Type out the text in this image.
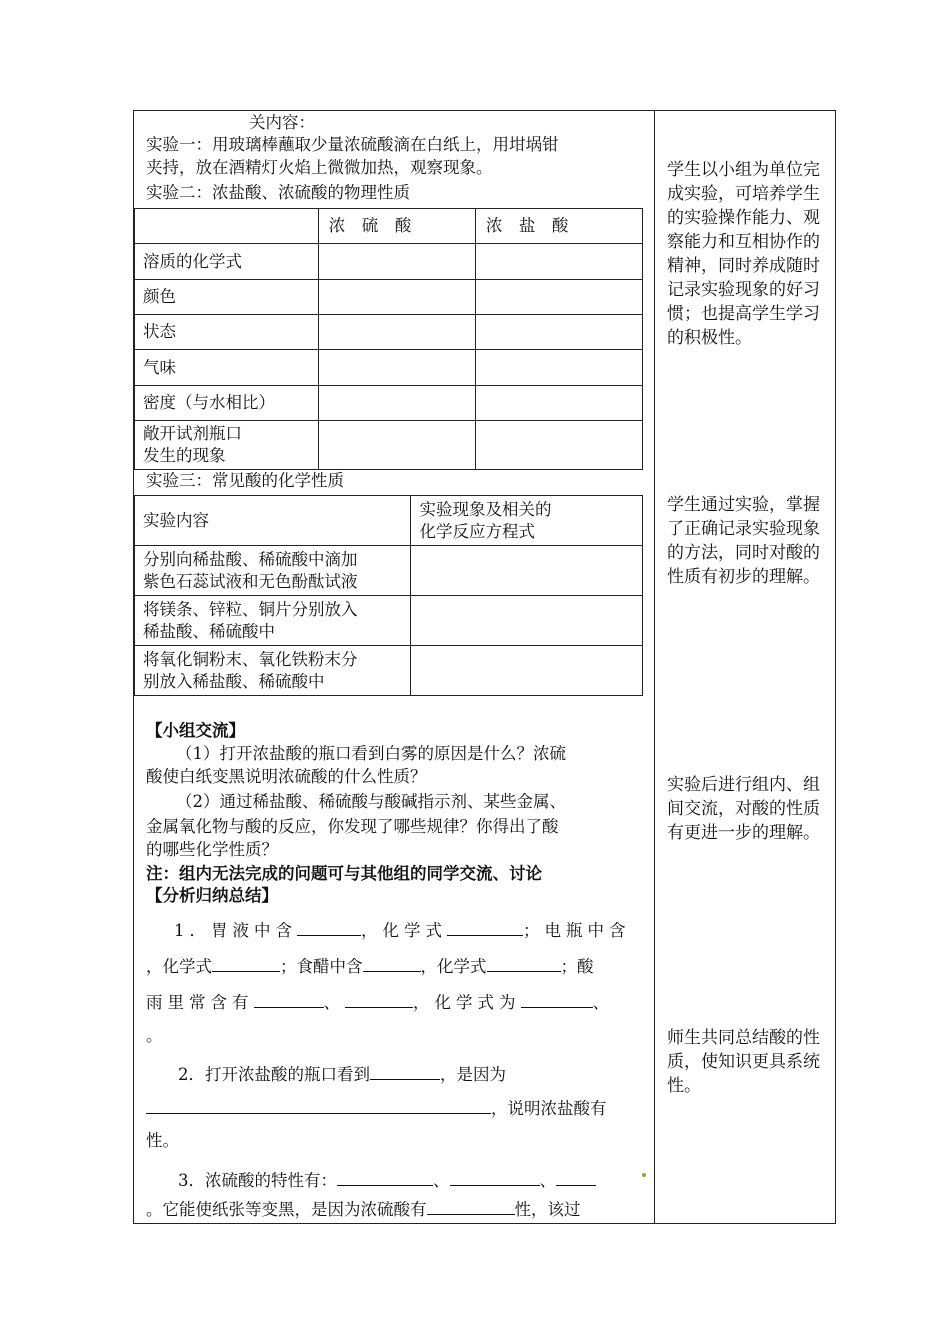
关内容：
实验一：用玻璃棒蘸取少量浓硫酸滴在白纸上，用坩埚钳
夹持，放在酒精灯火焰上微微加热，观察现象。
实验二：浓盐酸、浓硫酸的物理性质
	浓　硫　酸	浓　盐　酸
溶质的化学式		
颜色		
状态		
气味		
密度（与水相比）		

敞开试剂瓶口
发生的现象		

实验三：常见酸的化学性质
实验内容	实验现象及相关的
化学反应方程式

分别向稀盐酸、稀硫酸中滴加
紫色石蕊试液和无色酚酞试液	

将镁条、锌粒、铜片分别放入
稀盐酸、稀硫酸中	

将氧化铜粉末、氧化铁粉末分
别放入稀盐酸、稀硫酸中	

【小组交流】
（1）打开浓盐酸的瓶口看到白雾的原因是什么？浓硫
酸使白纸变黑说明浓硫酸的什么性质？
（2）通过稀盐酸、稀硫酸与酸碱指示剂、某些金属、
金属氧化物与酸的反应，你发现了哪些规律？你得出了酸
的哪些化学性质？
注：组内无法完成的问题可与其他组的同学交流、讨论
【分析归纳总结】
1．胃液中含	，化学式	；电瓶中含
，化学式	；食醋中含	，化学式	；酸
雨里常含有	、	，化学式为	、
。
2．打开浓盐酸的瓶口看到	，是因为
，说明浓盐酸有
性。
3．浓硫酸的特性有：	、	、
。它能使纸张等变黑，是因为浓硫酸有	性，该过
学生以小组为单位完成实验，可培养学生的实验操作能力、观察能力和互相协作的精神，同时养成随时记录实验现象的好习惯；也提高学生学习的积极性。
学生通过实验，掌握了正确记录实验现象的方法，同时对酸的性质有初步的理解。
实验后进行组内、组间交流，对酸的性质有更进一步的理解。
师生共同总结酸的性质，使知识更具系统性。
